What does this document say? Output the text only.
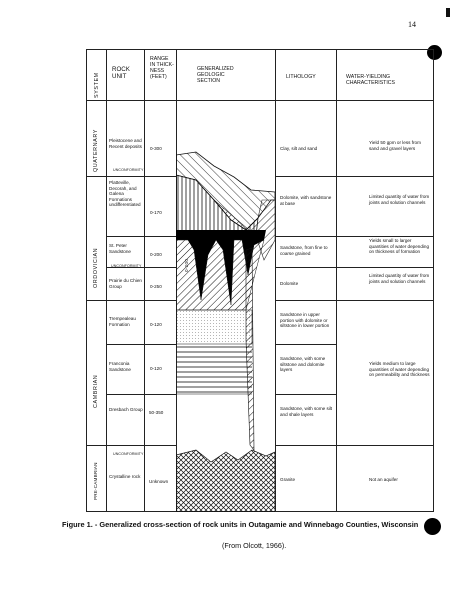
14
SYSTEM
ROCK UNIT
RANGE IN THICK- NESS (FEET)
GENERALIZED GEOLOGIC SECTION
LITHOLOGY	WATER-YIELDING CHARACTERISTICS
QUATERNARY
ORDOVICIAN
CAMBRIAN
PRE-CAMBRIAN
Pleistocene and Recent deposits
Platteville, Decorah, and Galena Formations undifferentiated
St. Peter Sandstone
Prairie du Chien Group
Trempealeau Formation
Franconia Sandstone
Dresbach Group
Crystalline rock
UNCONFORMITY
UNCONFORMITY
UNCONFORMITY
0-300
0-170
0-200
0-250
0-120
0-120
50-350
Unknown
Clay, silt and sand
Dolomite, with sandstone at base
Sandstone, from fine to coarse grained
Dolomite
Sandstone in upper portion with dolomite or siltstone in lower portion
Sandstone, with some siltstone and dolomite layers
Sandstone, with some silt and shale layers
Granite
Yield 50 gpm or less from sand and gravel layers
Limited quantity of water from joints and solution channels
Yields small to larger quantities of water depending on thickness of formation
Limited quantity of water from joints and solution channels
Yields medium to large quantities of water depending on permeability and thickness
Not an aquifer
0-200
Figure 1. - Generalized cross-section of rock units in Outagamie and Winnebago Counties, Wisconsin
(From Olcott, 1966).
